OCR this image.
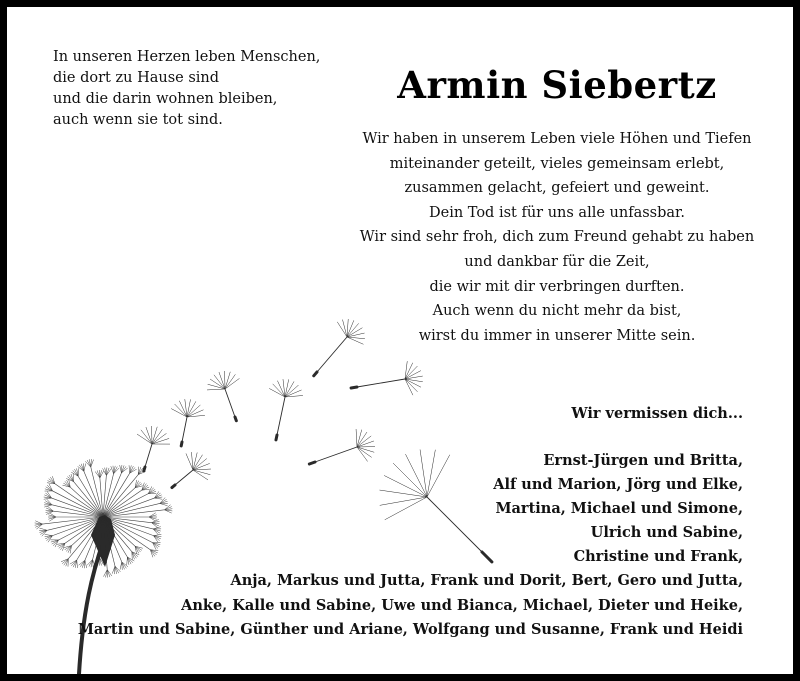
In unseren Herzen leben Menschen,
die dort zu Hause sind
und die darin wohnen bleiben,
auch wenn sie tot sind.
Armin Siebertz
Wir haben in unserem Leben viele Höhen und Tiefen
miteinander geteilt, vieles gemeinsam erlebt,
zusammen gelacht, gefeiert und geweint.
Dein Tod ist für uns alle unfassbar.
Wir sind sehr froh, dich zum Freund gehabt zu haben
und dankbar für die Zeit,
die wir mit dir verbringen durften.
Auch wenn du nicht mehr da bist,
wirst du immer in unserer Mitte sein.
Wir vermissen dich...
Ernst-Jürgen und Britta,
Alf und Marion, Jörg und Elke,
Martina, Michael und Simone,
Ulrich und Sabine,
Christine und Frank,
Anja, Markus und Jutta, Frank und Dorit, Bert, Gero und Jutta,
Anke, Kalle und Sabine, Uwe und Bianca, Michael, Dieter und Heike,
Martin und Sabine, Günther und Ariane, Wolfgang und Susanne, Frank und Heidi
